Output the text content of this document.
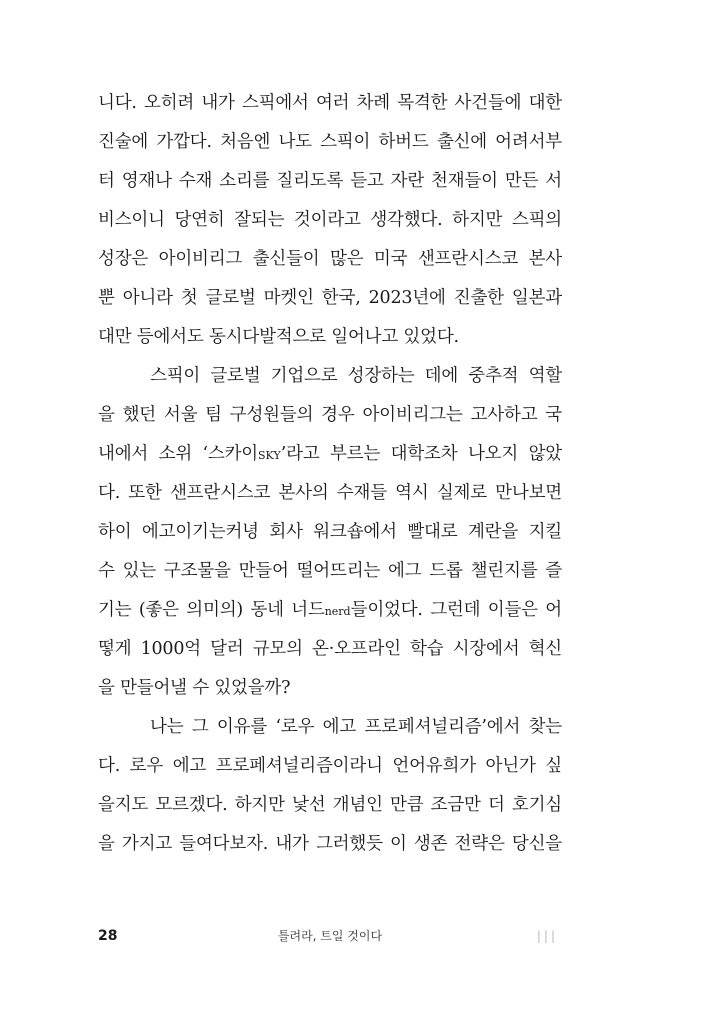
니다. 오히려 내가 스픽에서 여러 차례 목격한 사건들에 대한
진술에 가깝다. 처음엔 나도 스픽이 하버드 출신에 어려서부
터 영재나 수재 소리를 질리도록 듣고 자란 천재들이 만든 서
비스이니 당연히 잘되는 것이라고 생각했다. 하지만 스픽의
성장은 아이비리그 출신들이 많은 미국 샌프란시스코 본사
뿐 아니라 첫 글로벌 마켓인 한국, 2023년에 진출한 일본과
대만 등에서도 동시다발적으로 일어나고 있었다.
스픽이 글로벌 기업으로 성장하는 데에 중추적 역할
을 했던 서울 팀 구성원들의 경우 아이비리그는 고사하고 국
내에서 소위 ‘스카이SKY’라고 부르는 대학조차 나오지 않았
다. 또한 샌프란시스코 본사의 수재들 역시 실제로 만나보면
하이 에고이기는커녕 회사 워크숍에서 빨대로 계란을 지킬
수 있는 구조물을 만들어 떨어뜨리는 에그 드롭 챌린지를 즐
기는 (좋은 의미의) 동네 너드nerd들이었다. 그런데 이들은 어
떻게 1000억 달러 규모의 온·오프라인 학습 시장에서 혁신
을 만들어낼 수 있었을까?
나는 그 이유를 ‘로우 에고 프로페셔널리즘’에서 찾는
다. 로우 에고 프로페셔널리즘이라니 언어유희가 아닌가 싶
을지도 모르겠다. 하지만 낯선 개념인 만큼 조금만 더 호기심
을 가지고 들여다보자. 내가 그러했듯 이 생존 전략은 당신을
28	틀려라, 트일 것이다	|||
